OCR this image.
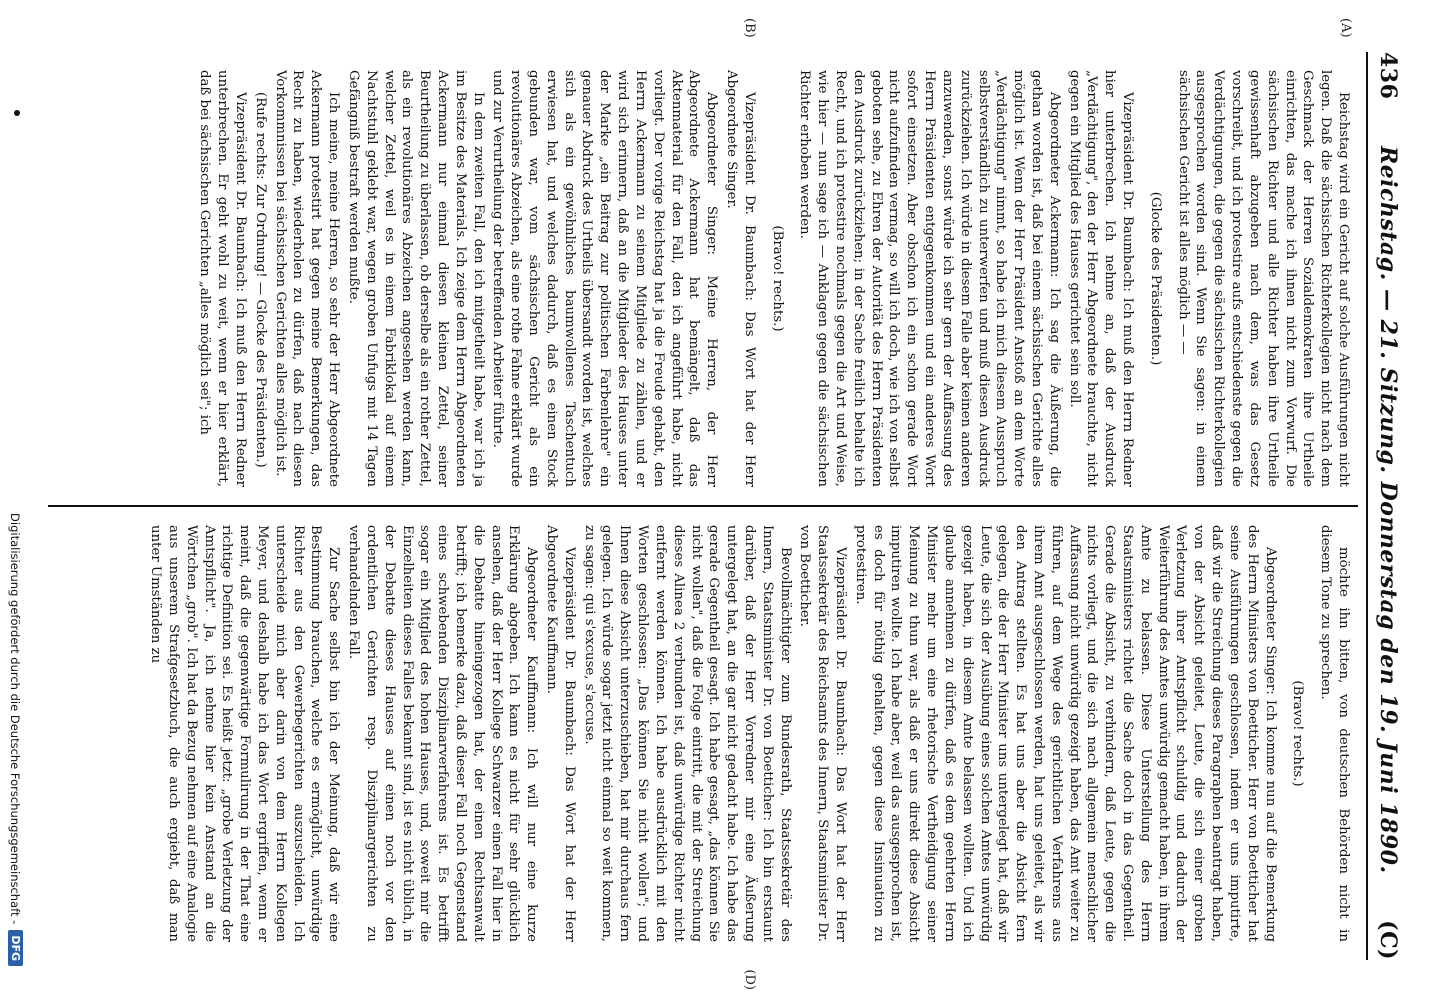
436
Reichstag. — 21. Sitzung. Donnerstag den 19. Juni 1890.
(C)
(A)
(B)

Reichstag wird ein Gericht auf solche Ausführungen nicht legen. Daß die sächsischen Richterkollegien nicht nach dem Geschmack der Herren Sozialdemokraten ihre Urtheile einrichten, das mache ich ihnen nicht zum Vorwurf. Die sächsischen Richter und alle Richter haben ihre Urtheile gewissenhaft abzugeben nach dem, was das Gesetz vorschreibt, und ich protestire aufs entschiedenste gegen die Verdächtigungen, die gegen die sächsischen Richterkollegien ausgesprochen worden sind. Wenn Sie sagen: in einem sächsischen Gericht ist alles möglich — —

(Glocke des Präsidenten.)

Vizepräsident Dr. Baumbach: Ich muß den Herrn Redner hier unterbrechen. Ich nehme an, daß der Ausdruck „Verdächtigung", den der Herr Abgeordnete brauchte, nicht gegen ein Mitglied des Hauses gerichtet sein soll.

Abgeordneter Ackermann: Ich sag die Äußerung, die gethan worden ist, daß bei einem sächsischen Gerichte alles möglich ist. Wenn der Herr Präsident Anstoß an dem Worte „Verdächtigung" nimmt, so habe ich mich diesem Ausspruch selbstverständlich zu unterwerfen und muß diesen Ausdruck zurückziehen. Ich würde in diesem Falle aber keinen anderen anzuwenden, sonst würde ich sehr gern der Auffassung des Herrn Präsidenten entgegenkommen und ein anderes Wort sofort einsetzen. Aber obschon ich ein schon gerade Wort nicht aufzufinden vermag, so will ich doch, wie ich von selbst geboten sehe, zu Ehren der Autorität des Herrn Präsidenten den Ausdruck zurückziehen; in der Sache freilich behalte ich Recht, und ich protestire nochmals gegen die Art und Weise, wie hier — nun sage ich — Anklagen gegen die sächsischen Richter erhoben werden.

(Bravo! rechts.)

Vizepräsident Dr. Baumbach: Das Wort hat der Herr Abgeordnete Singer.

Abgeordneter Singer: Meine Herren, der Herr Abgeordnete Ackermann hat bemängelt, daß das Aktenmaterial für den Fall, den ich angeführt habe, nicht vorliegt. Der vorige Reichstag hat ja die Freude gehabt, den Herrn Ackermann zu seinem Mitgliede zu zählen, und er wird sich erinnern, daß an die Mitglieder des Hauses unter der Marke „ein Beitrag zur politischen Farbenlehre" ein genauer Abdruck des Urtheils übersandt worden ist, welches sich als ein gewöhnliches baumwollenes Taschentuch erwiesen hat, und welches dadurch, daß es einen Stock gebunden war, vom sächsischen Gericht als ein revolutionäres Abzeichen, als eine rothe Fahne erklärt wurde und zur Verurtheilung der betreffenden Arbeiter führte.

In dem zweiten Fall, den ich mitgetheilt habe, war ich ja im Besitze des Materials. Ich zeige dem Herrn Abgeordneten Ackermann nur einmal diesen kleinen Zettel, seiner Beurtheilung zu überlassen, ob derselbe als ein rother Zettel, als ein revolutionäres Abzeichen angesehen werden kann, welcher Zettel, weil es in einem Fabriklokal auf einem Nachtstuhl geklebt war, wegen groben Unfugs mit 14 Tagen Gefängniß bestraft werden mußte.

Ich meine, meine Herren, so sehr der Herr Abgeordnete Ackermann protestirt hat gegen meine Bemerkungen, das Recht zu haben, wiederholen zu dürfen, daß nach diesen Vorkommnissen bei sächsischen Gerichten alles möglich ist.

(Rufe rechts: Zur Ordnung! — Glocke des Präsidenten.)

Vizepräsident Dr. Baumbach: Ich muß den Herrn Redner unterbrechen. Er geht wohl zu weit, wenn er hier erklärt, daß bei sächsischen Gerichten „alles möglich sei"; ich

(D)

möchte ihn bitten, von deutschen Behörden nicht in diesem Tone zu sprechen.

(Bravo! rechts.)

Abgeordneter Singer: Ich komme nun auf die Bemerkung des Herrn Ministers von Boetticher. Herr von Boetticher hat seine Ausführungen geschlossen, indem er uns imputirte, daß wir die Streichung dieses Paragraphen beantragt haben, von der Absicht geleitet, Leute, die sich einer groben Verletzung ihrer Amtspflicht schuldig und dadurch der Weiterführung des Amtes unwürdig gemacht haben, in ihrem Amte zu belassen. Diese Unterstellung des Herrn Staatsministers richtet die Sache doch in das Gegentheil. Gerade die Absicht, zu verhindern, daß Leute, gegen die nichts vorliegt, und die sich nach allgemein menschlicher Auffassung nicht unwürdig gezeigt haben, das Amt weiter zu führen, auf dem Wege des gerichtlichen Verfahrens aus ihrem Amt ausgeschlossen werden, hat uns geleitet, als wir den Antrag stellten. Es hat uns aber die Absicht fern gelegen, die der Herr Minister uns untergelegt hat, daß wir Leute, die sich der Ausübung eines solchen Amtes unwürdig gezeigt haben, in diesem Amte belassen wollten. Und ich glaube annehmen zu dürfen, daß es dem geehrten Herrn Minister mehr um eine rhetorische Vertheidigung seiner Meinung zu thun war, als daß er uns direkt diese Absicht imputiren wollte. Ich habe aber, weil das ausgesprochen ist, es doch für nöthig gehalten, gegen diese Insinuation zu protestiren.

Vizepräsident Dr. Baumbach: Das Wort hat der Herr Staatssekretär des Reichsamts des Innern, Staatsminister Dr. von Boetticher.

Bevollmächtigter zum Bundesrath, Staatssekretär des Innern, Staatsminister Dr. von Boetticher: Ich bin erstaunt darüber, daß der Herr Vorredner mir eine Äußerung untergelegt hat, an die gar nicht gedacht habe. Ich habe das gerade Gegentheil gesagt. Ich habe gesagt, „das können Sie nicht wollen", daß die Folge eintritt, die mit der Streichung dieses Alinea 2 verbunden ist, daß unwürdige Richter nicht entfernt werden können. Ich habe ausdrücklich mit den Worten geschlossen: „Das können Sie nicht wollen"; und Ihnen diese Absicht unterzuschieben, hat mir durchaus fern gelegen. Ich würde sogar jetzt nicht einmal so weit kommen, zu sagen: qui s'excuse, s'accuse.

Vizepräsident Dr. Baumbach: Das Wort hat der Herr Abgeordnete Kauffmann.

Abgeordneter Kauffmann: Ich will nur eine kurze Erklärung abgeben. Ich kann es nicht für sehr glücklich ansehen, daß der Herr Kollege Schwarzer einen Fall hier in die Debatte hineingezogen hat, der einen Rechtsanwalt betrifft; ich bemerke dazu, daß dieser Fall noch Gegenstand eines schwebenden Disziplinarverfahrens ist. Es betrifft sogar ein Mitglied des hohen Hauses, und, soweit mir die Einzelheiten dieses Falles bekannt sind, ist es nicht üblich, in der Debatte dieses Hauses auf einen noch vor den ordentlichen Gerichten resp. Disziplinargerichten zu verhandelnden Fall.

Zur Sache selbst bin ich der Meinung, daß wir eine Bestimmung brauchen, welche es ermöglicht, unwürdige Richter aus den Gewerbegerichten auszuscheiden. Ich unterscheide mich aber darin von dem Herrn Kollegen Meyer, und deshalb habe ich das Wort ergriffen, wenn er meint, daß die gegenwärtige Formulirung in der That eine richtige Definition sei. Es heißt jetzt: „grobe Verletzung der Amtspflicht". Ja, ich nehme hier kein Anstand an die Wörtchen „grob". Ich hat da Bezug nehmen auf eine Analogie aus unserem Strafgesetzbuch, die auch ergiebt, daß man unter Umständen zu

Digitalisierung gefördert durch die Deutsche Forschungsgemeinschaft -
DFG
